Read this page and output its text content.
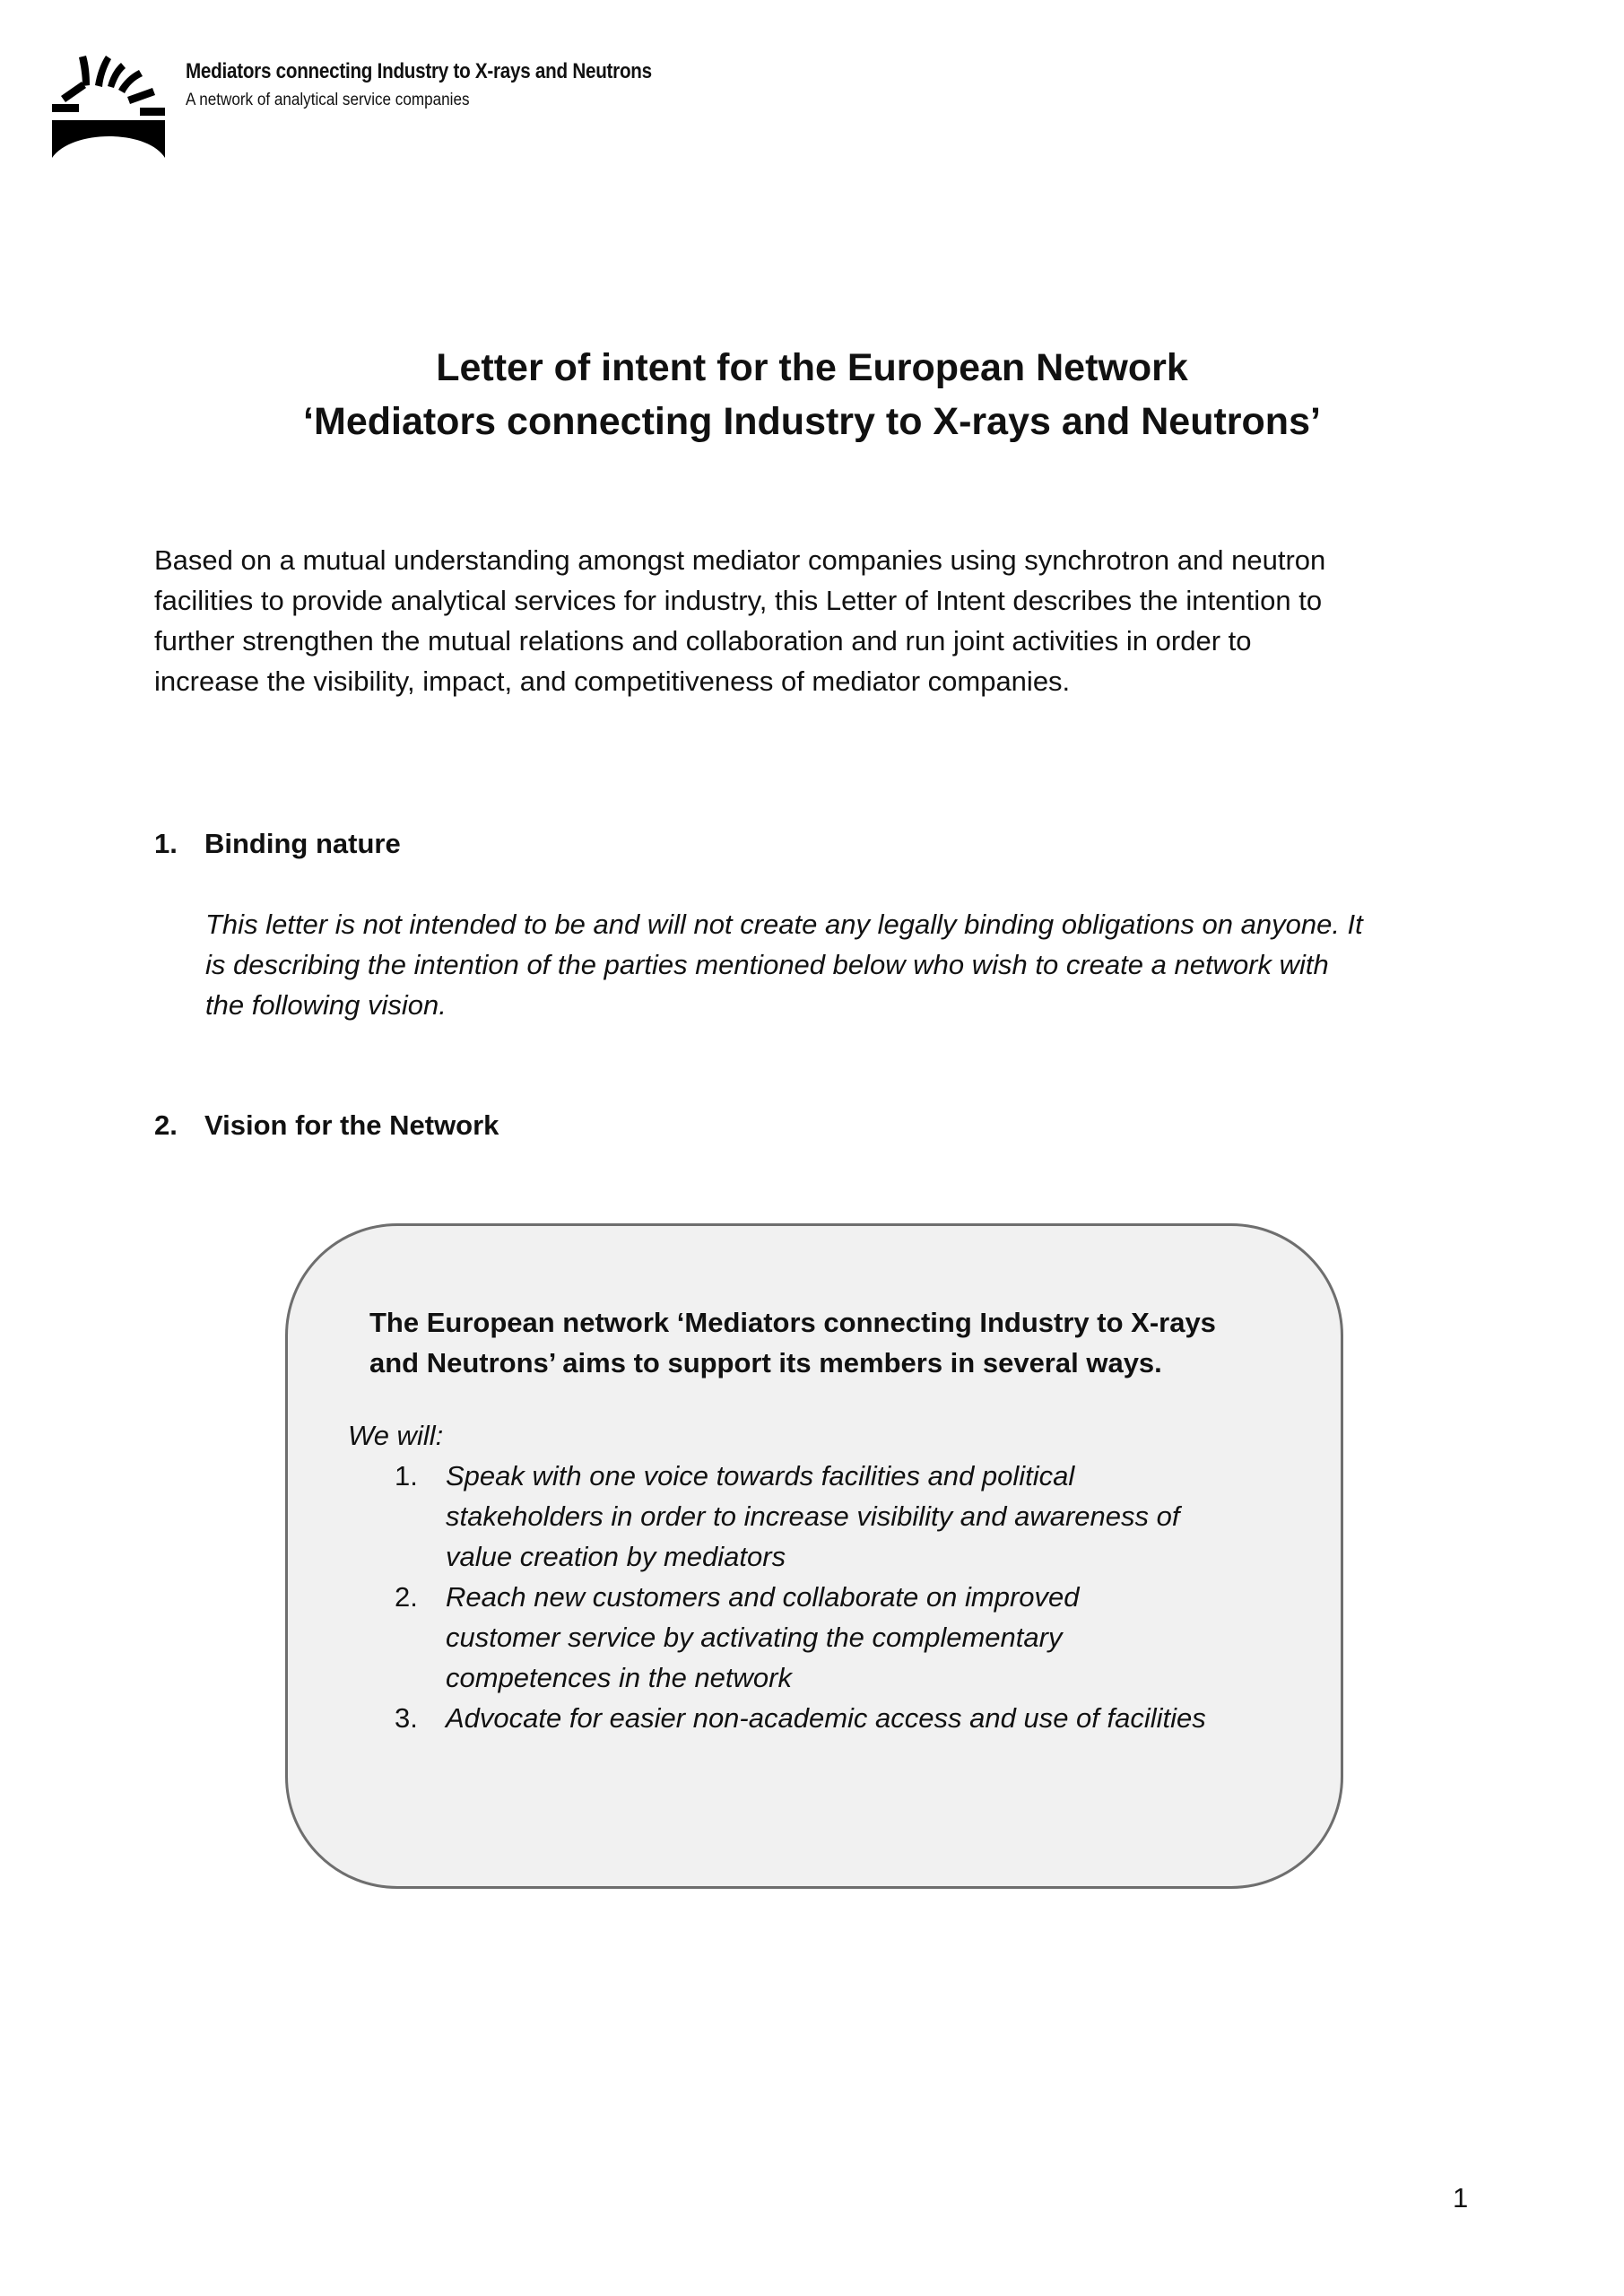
Mediators connecting Industry to X-rays and Neutrons
A network of analytical service companies
Letter of intent for the European Network
‘Mediators connecting Industry to X-rays and Neutrons’
Based on a mutual understanding amongst mediator companies using synchrotron and neutron
facilities to provide analytical services for industry, this Letter of Intent describes the intention to
further strengthen the mutual relations and collaboration and run joint activities in order to
increase the visibility, impact, and competitiveness of mediator companies.
1. Binding nature
This letter is not intended to be and will not create any legally binding obligations on anyone. It
is describing the intention of the parties mentioned below who wish to create a network with
the following vision.
2. Vision for the Network
The European network ‘Mediators connecting Industry to X-rays
and Neutrons’ aims to support its members in several ways.
We will:
1. Speak with one voice towards facilities and political
stakeholders in order to increase visibility and awareness of
value creation by mediators
2. Reach new customers and collaborate on improved
customer service by activating the complementary
competences in the network
3. Advocate for easier non-academic access and use of facilities
1
